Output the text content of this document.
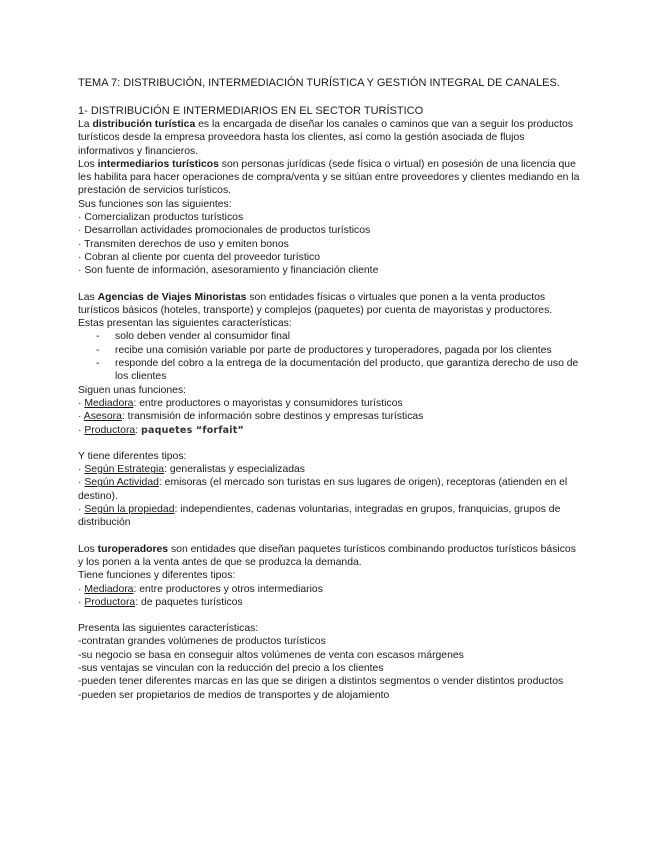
TEMA 7: DISTRIBUCIÓN, INTERMEDIACIÓN TURÍSTICA Y GESTIÓN INTEGRAL DE CANALES.

1- DISTRIBUCIÓN E INTERMEDIARIOS EN EL SECTOR TURÍSTICO

La distribución turística es la encargada de diseñar los canales o caminos que van a seguir los productos turísticos desde la empresa proveedora hasta los clientes, así como la gestión asociada de flujos informativos y financieros.

Los intermediarios turísticos son personas jurídicas (sede física o virtual) en posesión de una licencia que les habilita para hacer operaciones de compra/venta y se sitúan entre proveedores y clientes mediando en la prestación de servicios turísticos.

Sus funciones son las siguientes:

· Comercializan productos turísticos

· Desarrollan actividades promocionales de productos turísticos

· Transmiten derechos de uso y emiten bonos

· Cobran al cliente por cuenta del proveedor turístico

· Son fuente de información, asesoramiento y financiación cliente

Las Agencias de Viajes Minoristas son entidades físicas o virtuales que ponen a la venta productos turísticos básicos (hoteles, transporte) y complejos (paquetes) por cuenta de mayoristas y productores.

Estas presentan las siguientes características:

- solo deben vender al consumidor final
- recibe una comisión variable por parte de productores y turoperadores, pagada por los clientes
- responde del cobro a la entrega de la documentación del producto, que garantiza derecho de uso de los clientes

Siguen unas funciones:

· Mediadora: entre productores o mayoristas y consumidores turísticos

· Asesora: transmisión de información sobre destinos y empresas turísticas

· Productora: paquetes “forfait”

Y tiene diferentes tipos:

· Según Estrategia: generalistas y especializadas

· Según Actividad: emisoras (el mercado son turistas en sus lugares de origen), receptoras (atienden en el destino).

· Según la propiedad: independientes, cadenas voluntarias, integradas en grupos, franquicias, grupos de distribución

Los turoperadores son entidades que diseñan paquetes turísticos combinando productos turísticos básicos y los ponen a la venta antes de que se produzca la demanda.

Tiene funciones y diferentes tipos:

· Mediadora: entre productores y otros intermediarios

· Productora: de paquetes turísticos

Presenta las siguientes características:

-contratan grandes volúmenes de productos turísticos

-su negocio se basa en conseguir altos volúmenes de venta con escasos márgenes

-sus ventajas se vinculan con la reducción del precio a los clientes

-pueden tener diferentes marcas en las que se dirigen a distintos segmentos o vender distintos productos

-pueden ser propietarios de medios de transportes y de alojamiento
